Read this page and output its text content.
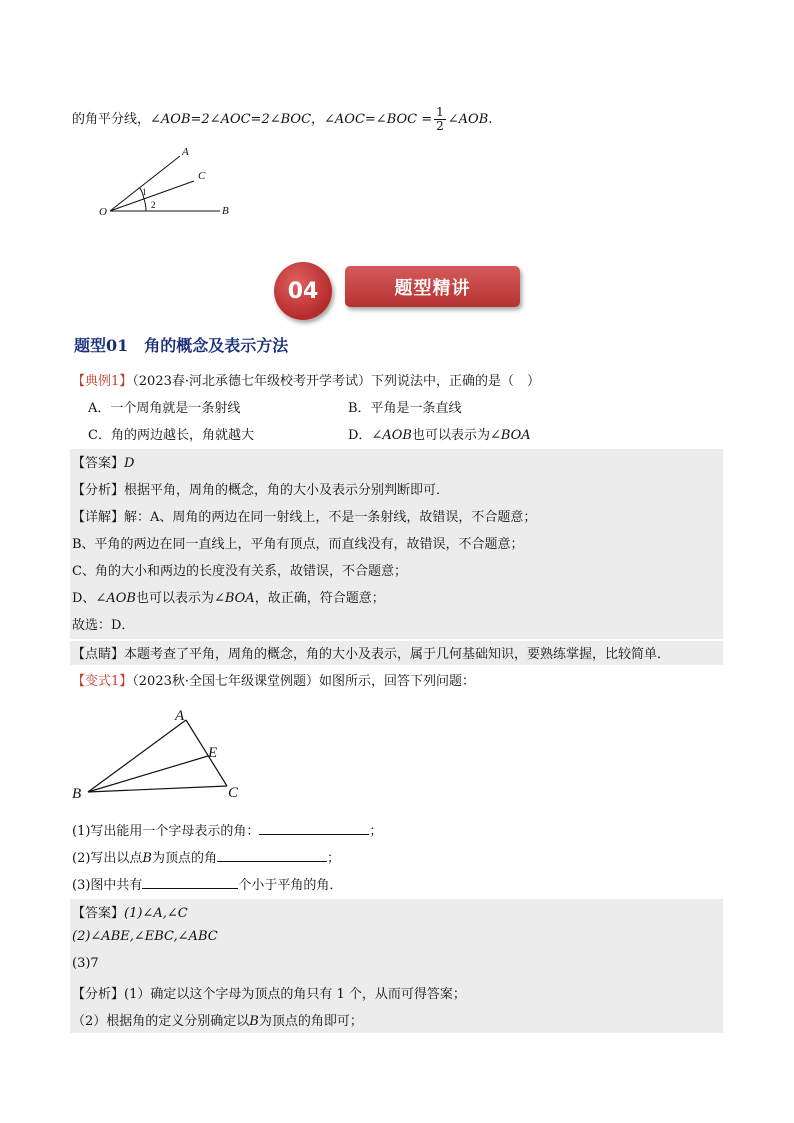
的角平分线，∠AOB=2∠AOC=2∠BOC，∠AOC=∠BOC = $\frac{1}{2}$ ∠AOB.
A
C
O	B
1
2
题型精讲
04
题型01　角的概念及表示方法
【典例1】（2023春·河北承德七年级校考开学考试）下列说法中，正确的是（　）
A．一个周角就是一条射线	B．平角是一条直线
C．角的两边越长，角就越大	D．∠AOB也可以表示为∠BOA
【答案】D
【分析】根据平角，周角的概念，角的大小及表示分别判断即可．
【详解】解：A、周角的两边在同一射线上，不是一条射线，故错误，不合题意；
B、平角的两边在同一直线上，平角有顶点，而直线没有，故错误，不合题意；
C、角的大小和两边的长度没有关系，故错误，不合题意；
D、∠AOB也可以表示为∠BOA，故正确，符合题意；
故选：D．
【点睛】本题考查了平角，周角的概念，角的大小及表示，属于几何基础知识，要熟练掌握，比较简单．
【变式1】（2023秋·全国七年级课堂例题）如图所示，回答下列问题：
A
E
B	C
(1)写出能用一个字母表示的角：	；
(2)写出以点B为顶点的角	；
(3)图中共有	个小于平角的角．
【答案】(1)∠A,∠C
(2)∠ABE,∠EBC,∠ABC
(3)7
【分析】(1）确定以这个字母为顶点的角只有 1 个，从而可得答案；
（2）根据角的定义分别确定以B为顶点的角即可；
